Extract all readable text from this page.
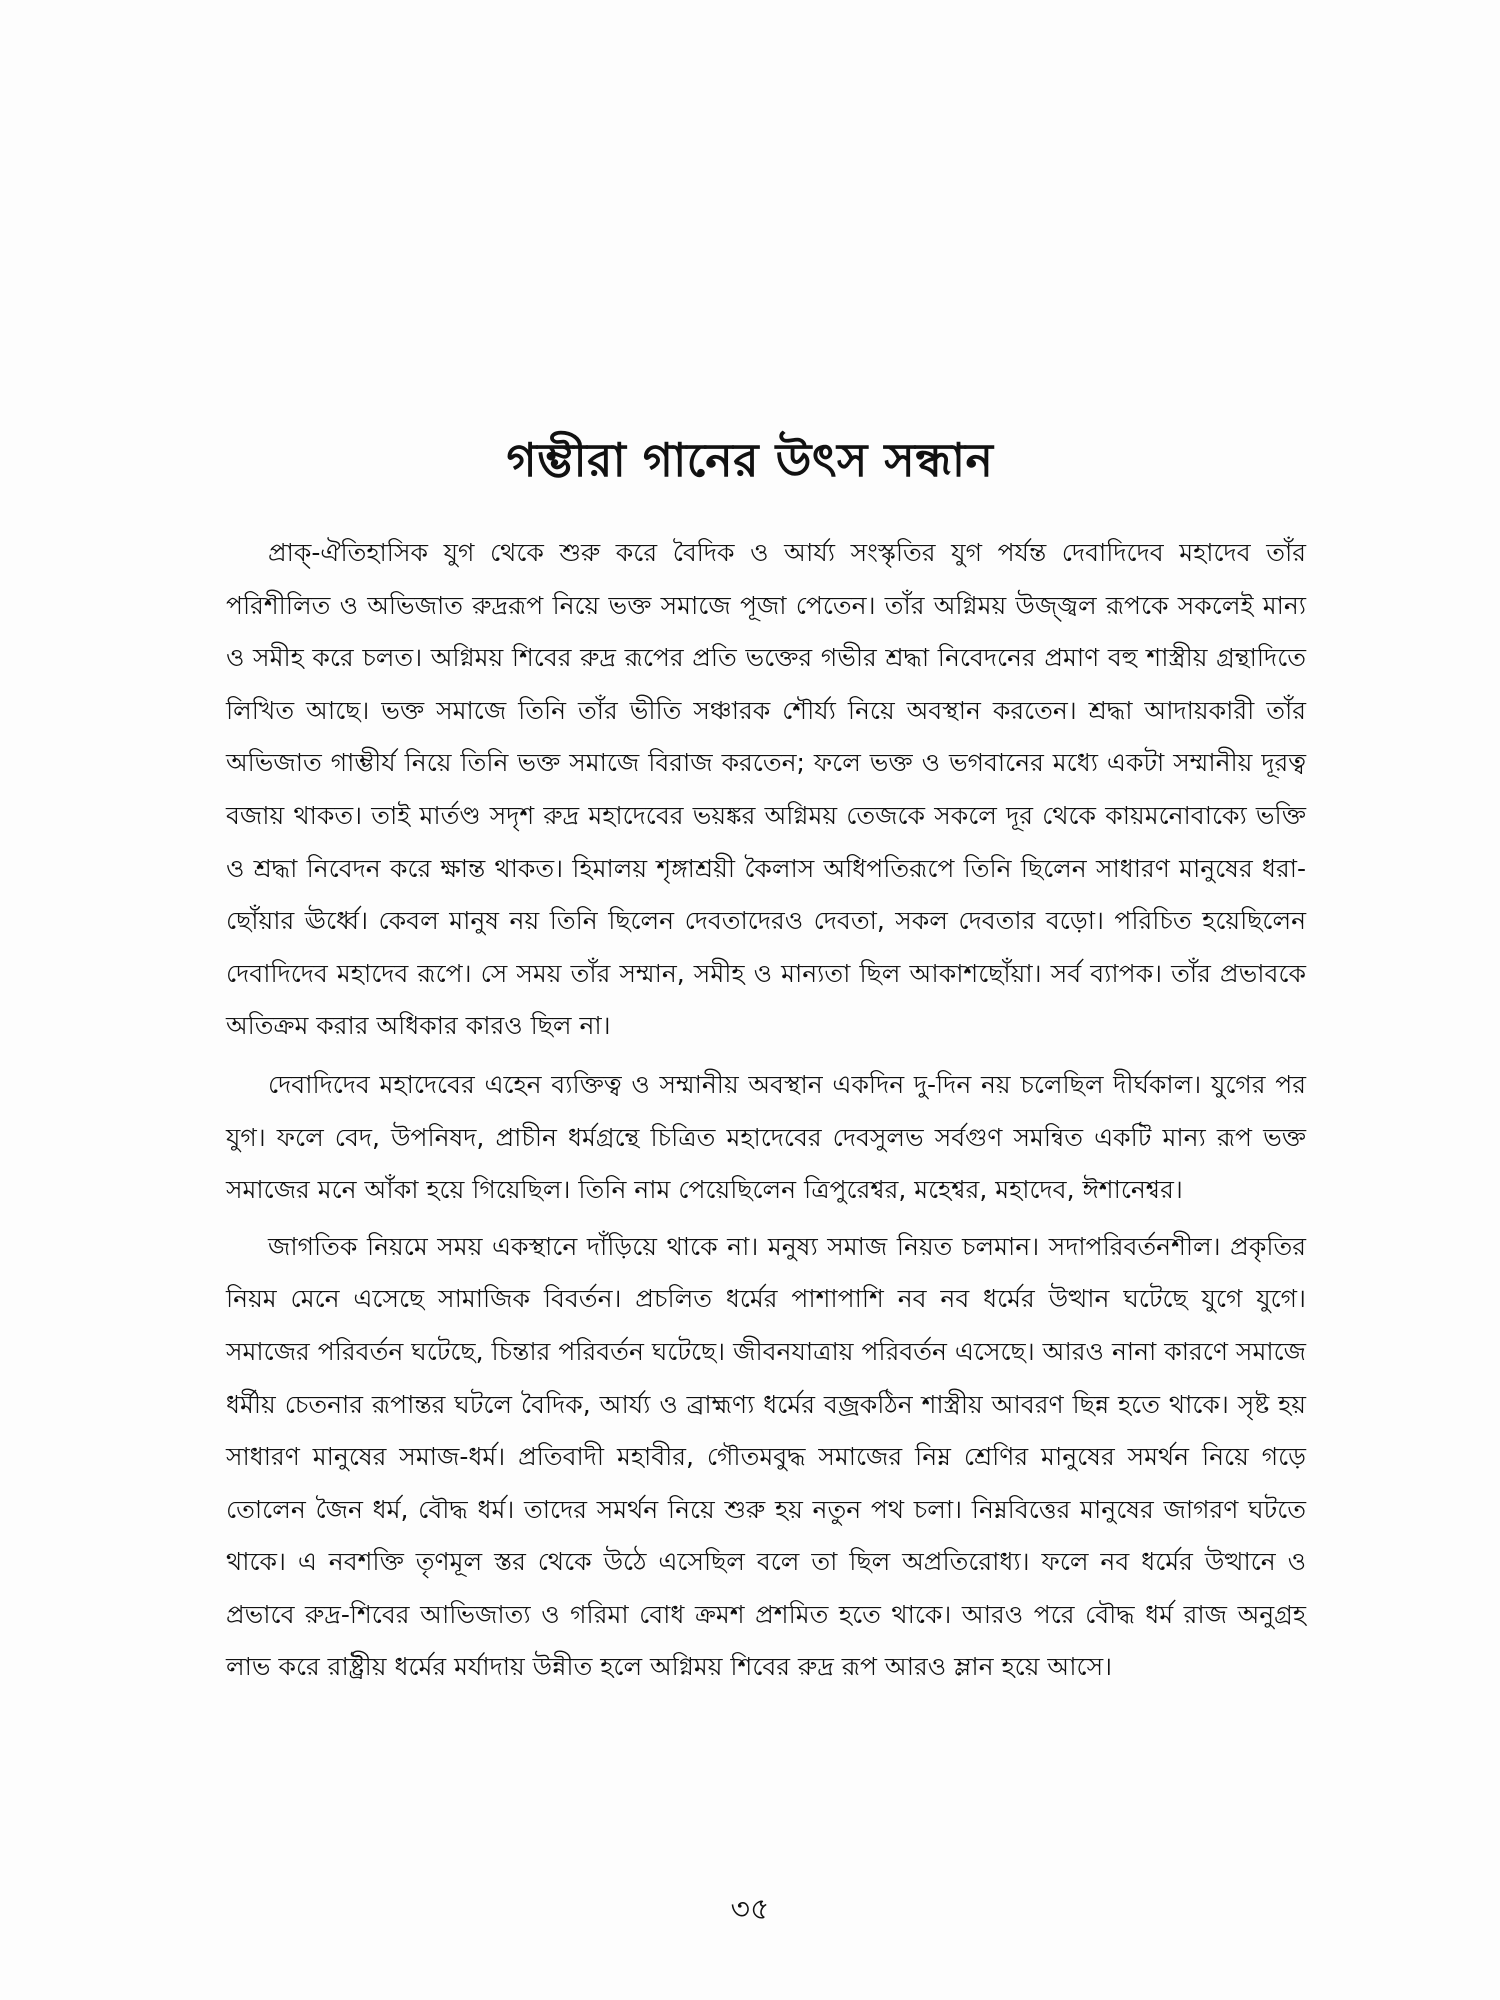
গম্ভীরা গানের উৎস সন্ধান

প্রাক্-ঐতিহাসিক যুগ থেকে শুরু করে বৈদিক ও আর্য্য সংস্কৃতির যুগ পর্যন্ত দেবাদিদেব মহাদেব তাঁর পরিশীলিত ও অভিজাত রুদ্ররূপ নিয়ে ভক্ত সমাজে পূজা পেতেন। তাঁর অগ্নিময় উজ্জ্বল রূপকে সকলেই মান্য ও সমীহ করে চলত। অগ্নিময় শিবের রুদ্র রূপের প্রতি ভক্তের গভীর শ্রদ্ধা নিবেদনের প্রমাণ বহু শাস্ত্রীয় গ্রন্থাদিতে লিখিত আছে। ভক্ত সমাজে তিনি তাঁর ভীতি সঞ্চারক শৌর্য্য নিয়ে অবস্থান করতেন। শ্রদ্ধা আদায়কারী তাঁর অভিজাত গাম্ভীর্য নিয়ে তিনি ভক্ত সমাজে বিরাজ করতেন; ফলে ভক্ত ও ভগবানের মধ্যে একটা সম্মানীয় দূরত্ব বজায় থাকত। তাই মার্তণ্ড সদৃশ রুদ্র মহাদেবের ভয়ঙ্কর অগ্নিময় তেজকে সকলে দূর থেকে কায়মনোবাক্যে ভক্তি ও শ্রদ্ধা নিবেদন করে ক্ষান্ত থাকত। হিমালয় শৃঙ্গাশ্রয়ী কৈলাস অধিপতিরূপে তিনি ছিলেন সাধারণ মানুষের ধরা-ছোঁয়ার ঊর্ধ্বে। কেবল মানুষ নয় তিনি ছিলেন দেবতাদেরও দেবতা, সকল দেবতার বড়ো। পরিচিত হয়েছিলেন দেবাদিদেব মহাদেব রূপে। সে সময় তাঁর সম্মান, সমীহ ও মান্যতা ছিল আকাশছোঁয়া। সর্ব ব্যাপক। তাঁর প্রভাবকে অতিক্রম করার অধিকার কারও ছিল না।

দেবাদিদেব মহাদেবের এহেন ব্যক্তিত্ব ও সম্মানীয় অবস্থান একদিন দু-দিন নয় চলেছিল দীর্ঘকাল। যুগের পর যুগ। ফলে বেদ, উপনিষদ, প্রাচীন ধর্মগ্রন্থে চিত্রিত মহাদেবের দেবসুলভ সর্বগুণ সমন্বিত একটি মান্য রূপ ভক্ত সমাজের মনে আঁকা হয়ে গিয়েছিল। তিনি নাম পেয়েছিলেন ত্রিপুরেশ্বর, মহেশ্বর, মহাদেব, ঈশানেশ্বর।

জাগতিক নিয়মে সময় একস্থানে দাঁড়িয়ে থাকে না। মনুষ্য সমাজ নিয়ত চলমান। সদাপরিবর্তনশীল। প্রকৃতির নিয়ম মেনে এসেছে সামাজিক বিবর্তন। প্রচলিত ধর্মের পাশাপাশি নব নব ধর্মের উত্থান ঘটেছে যুগে যুগে। সমাজের পরিবর্তন ঘটেছে, চিন্তার পরিবর্তন ঘটেছে। জীবনযাত্রায় পরিবর্তন এসেছে। আরও নানা কারণে সমাজে ধর্মীয় চেতনার রূপান্তর ঘটলে বৈদিক, আর্য্য ও ব্রাহ্মণ্য ধর্মের বজ্রকঠিন শাস্ত্রীয় আবরণ ছিন্ন হতে থাকে। সৃষ্ট হয় সাধারণ মানুষের সমাজ-ধর্ম। প্রতিবাদী মহাবীর, গৌতমবুদ্ধ সমাজের নিম্ন শ্রেণির মানুষের সমর্থন নিয়ে গড়ে তোলেন জৈন ধর্ম, বৌদ্ধ ধর্ম। তাদের সমর্থন নিয়ে শুরু হয় নতুন পথ চলা। নিম্নবিত্তের মানুষের জাগরণ ঘটতে থাকে। এ নবশক্তি তৃণমূল স্তর থেকে উঠে এসেছিল বলে তা ছিল অপ্রতিরোধ্য। ফলে নব ধর্মের উত্থানে ও প্রভাবে রুদ্র-শিবের আভিজাত্য ও গরিমা বোধ ক্রমশ প্রশমিত হতে থাকে। আরও পরে বৌদ্ধ ধর্ম রাজ অনুগ্রহ লাভ করে রাষ্ট্রীয় ধর্মের মর্যাদায় উন্নীত হলে অগ্নিময় শিবের রুদ্র রূপ আরও ম্লান হয়ে আসে।

৩৫
